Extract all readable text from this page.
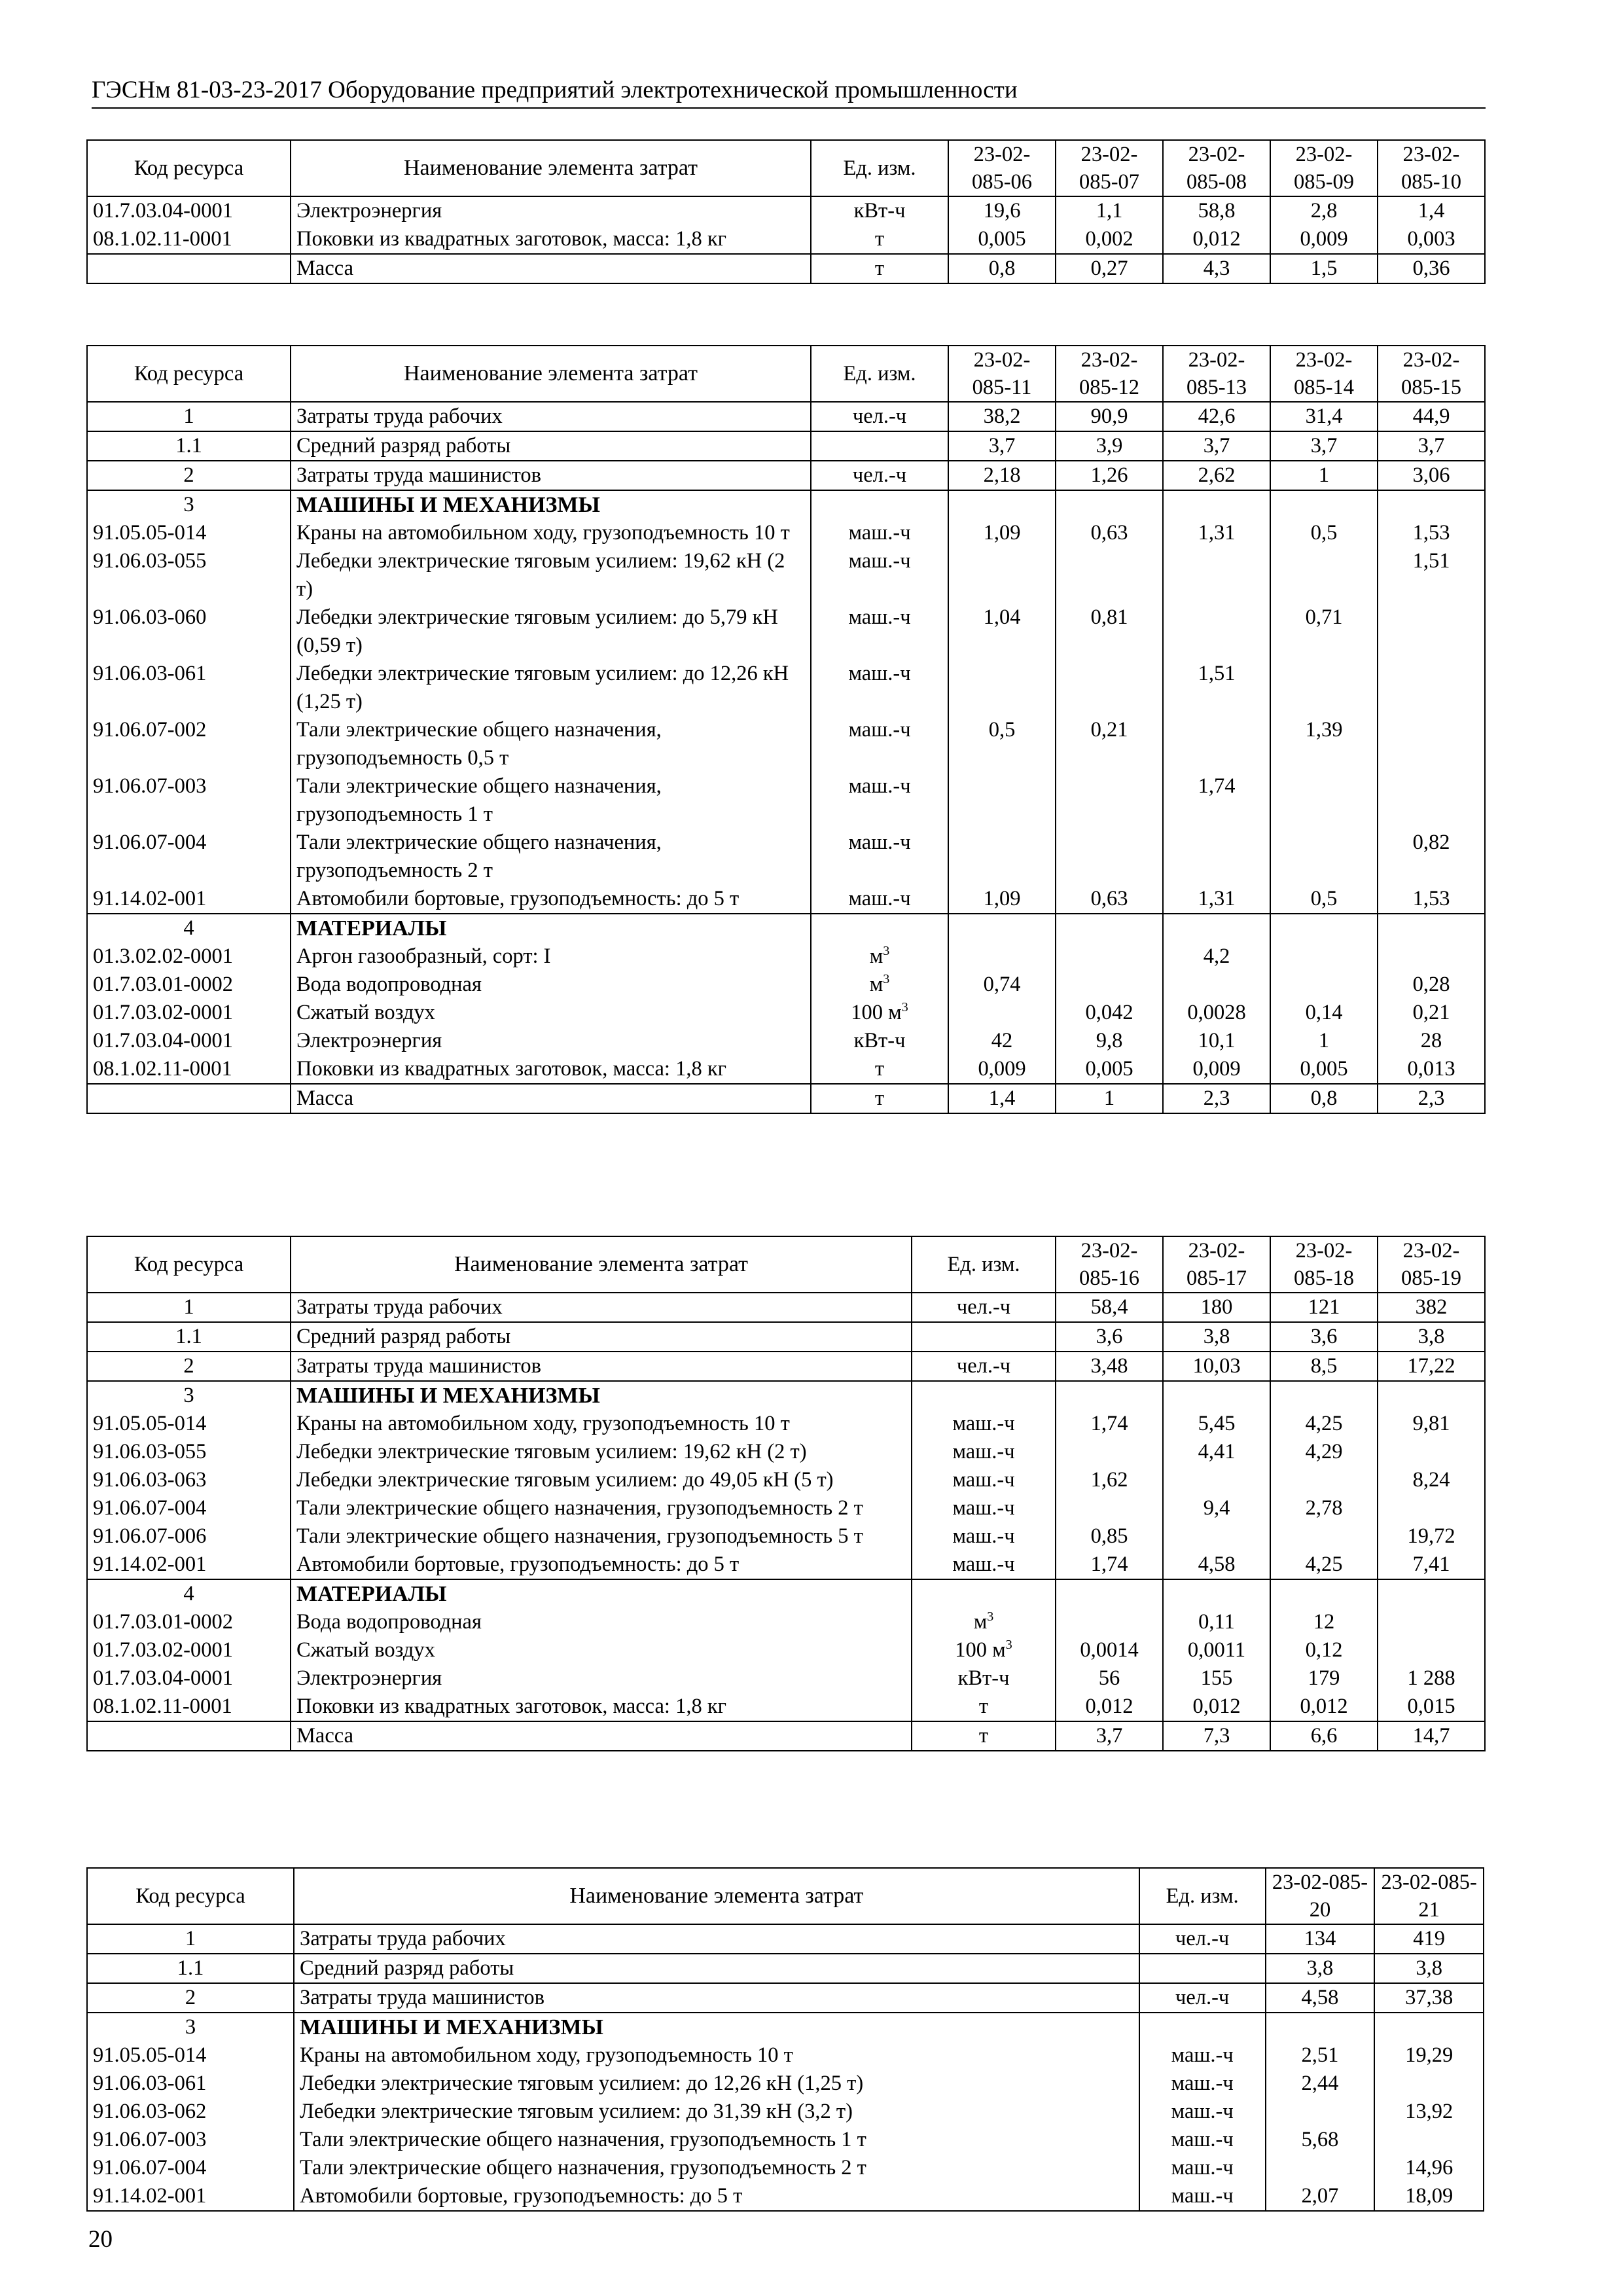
ГЭСНм 81-03-23-2017 Оборудование предприятий электротехнической промышленности
Код ресурса	Наименование элемента затрат	Ед. изм.	23-02-085-06	23-02-085-07	23-02-085-08	23-02-085-09	23-02-085-10
01.7.03.04-0001	Электроэнергия	кВт-ч	19,6	1,1	58,8	2,8	1,4
08.1.02.11-0001	Поковки из квадратных заготовок, масса: 1,8 кг	т	0,005	0,002	0,012	0,009	0,003
	Масса	т	0,8	0,27	4,3	1,5	0,36
Код ресурса	Наименование элемента затрат	Ед. изм.	23-02-085-11	23-02-085-12	23-02-085-13	23-02-085-14	23-02-085-15
1	Затраты труда рабочих	чел.-ч	38,2	90,9	42,6	31,4	44,9
1.1	Средний разряд работы		3,7	3,9	3,7	3,7	3,7
2	Затраты труда машинистов	чел.-ч	2,18	1,26	2,62	1	3,06
3	МАШИНЫ И МЕХАНИЗМЫ						
91.05.05-014	Краны на автомобильном ходу, грузоподъемность 10 т	маш.-ч	1,09	0,63	1,31	0,5	1,53
91.06.03-055	Лебедки электрические тяговым усилием: 19,62 кН (2 т)	маш.-ч					1,51
91.06.03-060	Лебедки электрические тяговым усилием: до 5,79 кН (0,59 т)	маш.-ч	1,04	0,81		0,71	
91.06.03-061	Лебедки электрические тяговым усилием: до 12,26 кН (1,25 т)	маш.-ч			1,51		
91.06.07-002	Тали электрические общего назначения, грузоподъемность 0,5 т	маш.-ч	0,5	0,21		1,39	
91.06.07-003	Тали электрические общего назначения, грузоподъемность 1 т	маш.-ч			1,74		
91.06.07-004	Тали электрические общего назначения, грузоподъемность 2 т	маш.-ч					0,82
91.14.02-001	Автомобили бортовые, грузоподъемность: до 5 т	маш.-ч	1,09	0,63	1,31	0,5	1,53
4	МАТЕРИАЛЫ						
01.3.02.02-0001	Аргон газообразный, сорт: I	$м^3$			4,2		
01.7.03.01-0002	Вода водопроводная	$м^3$	0,74				0,28
01.7.03.02-0001	Сжатый воздух	100 $м^3$		0,042	0,0028	0,14	0,21
01.7.03.04-0001	Электроэнергия	кВт-ч	42	9,8	10,1	1	28
08.1.02.11-0001	Поковки из квадратных заготовок, масса: 1,8 кг	т	0,009	0,005	0,009	0,005	0,013
	Масса	т	1,4	1	2,3	0,8	2,3
Код ресурса	Наименование элемента затрат	Ед. изм.	23-02-085-16	23-02-085-17	23-02-085-18	23-02-085-19
1	Затраты труда рабочих	чел.-ч	58,4	180	121	382
1.1	Средний разряд работы		3,6	3,8	3,6	3,8
2	Затраты труда машинистов	чел.-ч	3,48	10,03	8,5	17,22
3	МАШИНЫ И МЕХАНИЗМЫ					
91.05.05-014	Краны на автомобильном ходу, грузоподъемность 10 т	маш.-ч	1,74	5,45	4,25	9,81
91.06.03-055	Лебедки электрические тяговым усилием: 19,62 кН (2 т)	маш.-ч		4,41	4,29	
91.06.03-063	Лебедки электрические тяговым усилием: до 49,05 кН (5 т)	маш.-ч	1,62			8,24
91.06.07-004	Тали электрические общего назначения, грузоподъемность 2 т	маш.-ч		9,4	2,78	
91.06.07-006	Тали электрические общего назначения, грузоподъемность 5 т	маш.-ч	0,85			19,72
91.14.02-001	Автомобили бортовые, грузоподъемность: до 5 т	маш.-ч	1,74	4,58	4,25	7,41
4	МАТЕРИАЛЫ					
01.7.03.01-0002	Вода водопроводная	$м^3$		0,11	12	
01.7.03.02-0001	Сжатый воздух	100 $м^3$	0,0014	0,0011	0,12	
01.7.03.04-0001	Электроэнергия	кВт-ч	56	155	179	1 288
08.1.02.11-0001	Поковки из квадратных заготовок, масса: 1,8 кг	т	0,012	0,012	0,012	0,015
	Масса	т	3,7	7,3	6,6	14,7
Код ресурса	Наименование элемента затрат	Ед. изм.	23-02-085-20	23-02-085-21
1	Затраты труда рабочих	чел.-ч	134	419
1.1	Средний разряд работы		3,8	3,8
2	Затраты труда машинистов	чел.-ч	4,58	37,38
3	МАШИНЫ И МЕХАНИЗМЫ			
91.05.05-014	Краны на автомобильном ходу, грузоподъемность 10 т	маш.-ч	2,51	19,29
91.06.03-061	Лебедки электрические тяговым усилием: до 12,26 кН (1,25 т)	маш.-ч	2,44	
91.06.03-062	Лебедки электрические тяговым усилием: до 31,39 кН (3,2 т)	маш.-ч		13,92
91.06.07-003	Тали электрические общего назначения, грузоподъемность 1 т	маш.-ч	5,68	
91.06.07-004	Тали электрические общего назначения, грузоподъемность 2 т	маш.-ч		14,96
91.14.02-001	Автомобили бортовые, грузоподъемность: до 5 т	маш.-ч	2,07	18,09
20
